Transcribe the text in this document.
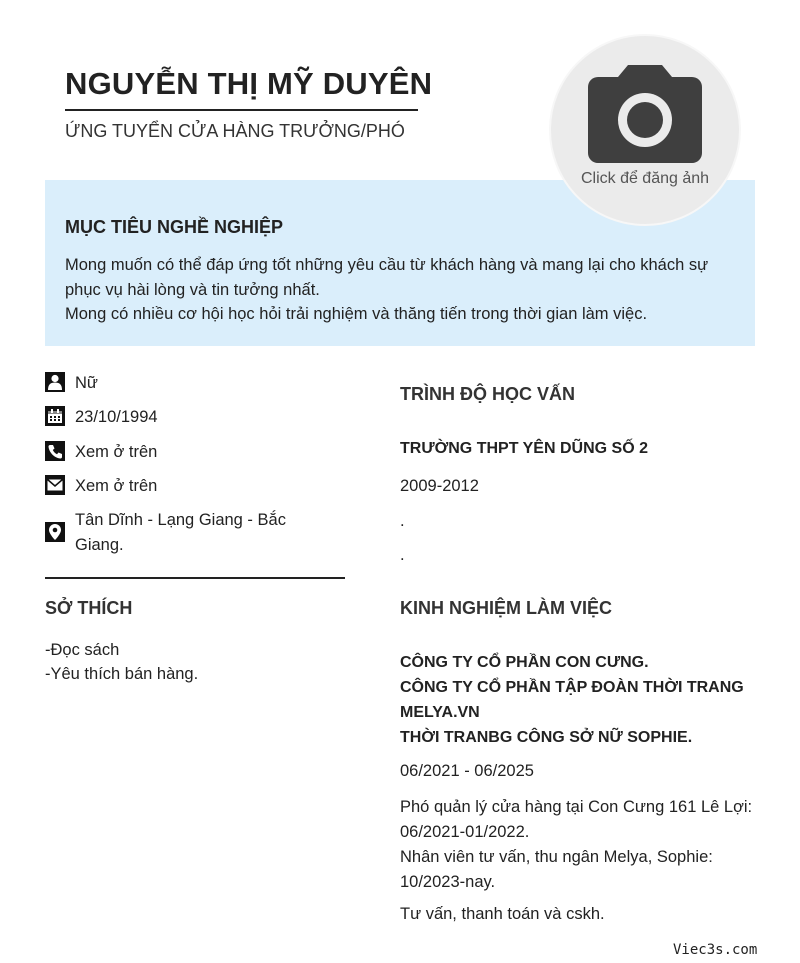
NGUYỄN THỊ MỸ DUYÊN
ỨNG TUYỂN CỬA HÀNG TRƯỞNG/PHÓ
Click để đăng ảnh
MỤC TIÊU NGHỀ NGHIỆP
Mong muốn có thể đáp ứng tốt những yêu cầu từ khách hàng và mang lại cho khách sự
phục vụ hài lòng và tin tưởng nhất.
Mong có nhiều cơ hội học hỏi trải nghiệm và thăng tiến trong thời gian làm việc.
Nữ
23/10/1994
Xem ở trên
Xem ở trên
Tân Dĩnh - Lạng Giang - Bắc Giang.
SỞ THÍCH
-Đọc sách
-Yêu thích bán hàng.
TRÌNH ĐỘ HỌC VẤN
TRƯỜNG THPT YÊN DŨNG SỐ 2
2009-2012
.
.
KINH NGHIỆM LÀM VIỆC
CÔNG TY CỔ PHẦN CON CƯNG.
CÔNG TY CỔ PHẦN TẬP ĐOÀN THỜI TRANG MELYA.VN
THỜI TRANBG CÔNG SỞ NỮ SOPHIE.
06/2021 - 06/2025
Phó quản lý cửa hàng tại Con Cưng 161 Lê Lợi: 06/2021-01/2022.
Nhân viên tư vấn, thu ngân Melya, Sophie: 10/2023-nay.
Tư vấn, thanh toán và cskh.
Viec3s.com
